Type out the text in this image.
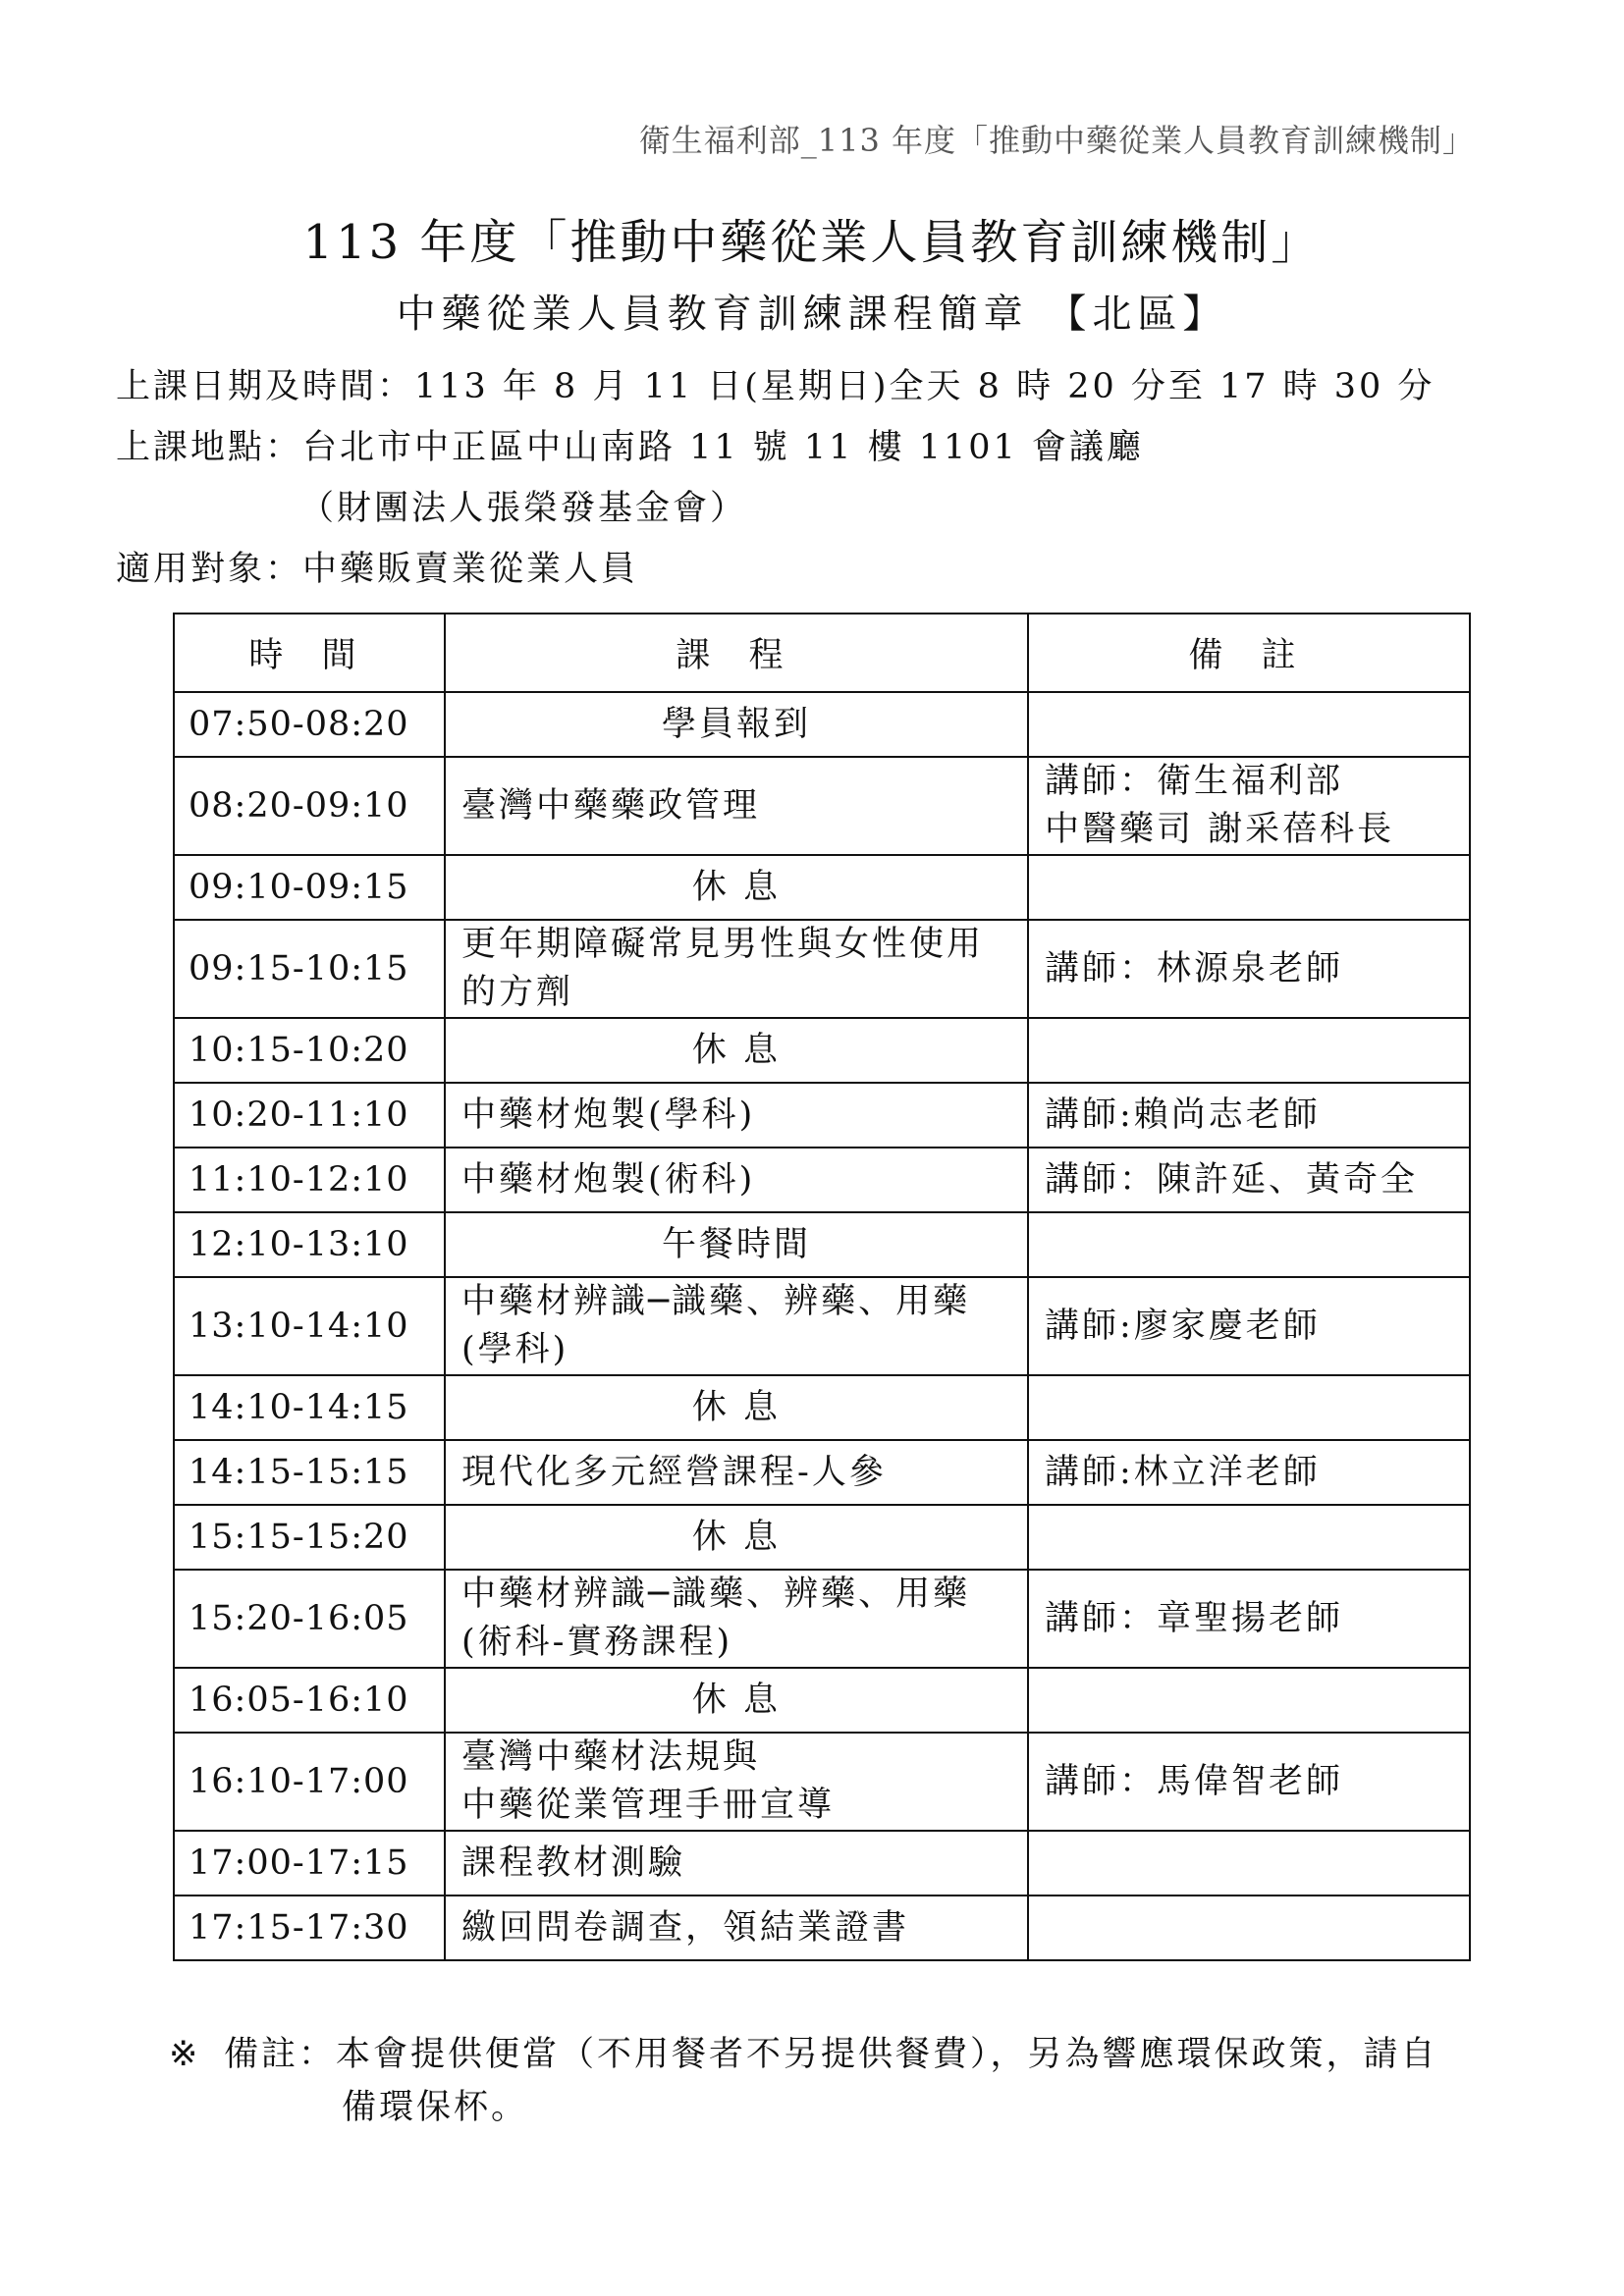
衛生福利部_113 年度「推動中藥從業人員教育訓練機制」
113 年度「推動中藥從業人員教育訓練機制」
中藥從業人員教育訓練課程簡章 【北區】
上課日期及時間：113 年 8 月 11 日(星期日)全天 8 時 20 分至 17 時 30 分
上課地點：台北市中正區中山南路 11 號 11 樓 1101 會議廳
（財團法人張榮發基金會）
適用對象：中藥販賣業從業人員
時 間	課 程	備 註
07:50-08:20	學員報到	
08:20-09:10	臺灣中藥藥政管理	講師：衛生福利部
中醫藥司 謝采蓓科長
09:10-09:15	休 息	
09:15-10:15	更年期障礙常見男性與女性使用的方劑	講師：林源泉老師
10:15-10:20	休 息	
10:20-11:10	中藥材炮製(學科)	講師:賴尚志老師
11:10-12:10	中藥材炮製(術科)	講師：陳許延、黃奇全
12:10-13:10	午餐時間	
13:10-14:10	中藥材辨識─識藥、辨藥、用藥(學科)	講師:廖家慶老師
14:10-14:15	休 息	
14:15-15:15	現代化多元經營課程-人參	講師:林立洋老師
15:15-15:20	休 息	
15:20-16:05	中藥材辨識─識藥、辨藥、用藥(術科-實務課程)	講師：章聖揚老師
16:05-16:10	休 息	
16:10-17:00	臺灣中藥材法規與
中藥從業管理手冊宣導	講師：馬偉智老師
17:00-17:15	課程教材測驗	
17:15-17:30	繳回問卷調查，領結業證書	
※ 備註：本會提供便當（不用餐者不另提供餐費），另為響應環保政策，請自
備環保杯。
